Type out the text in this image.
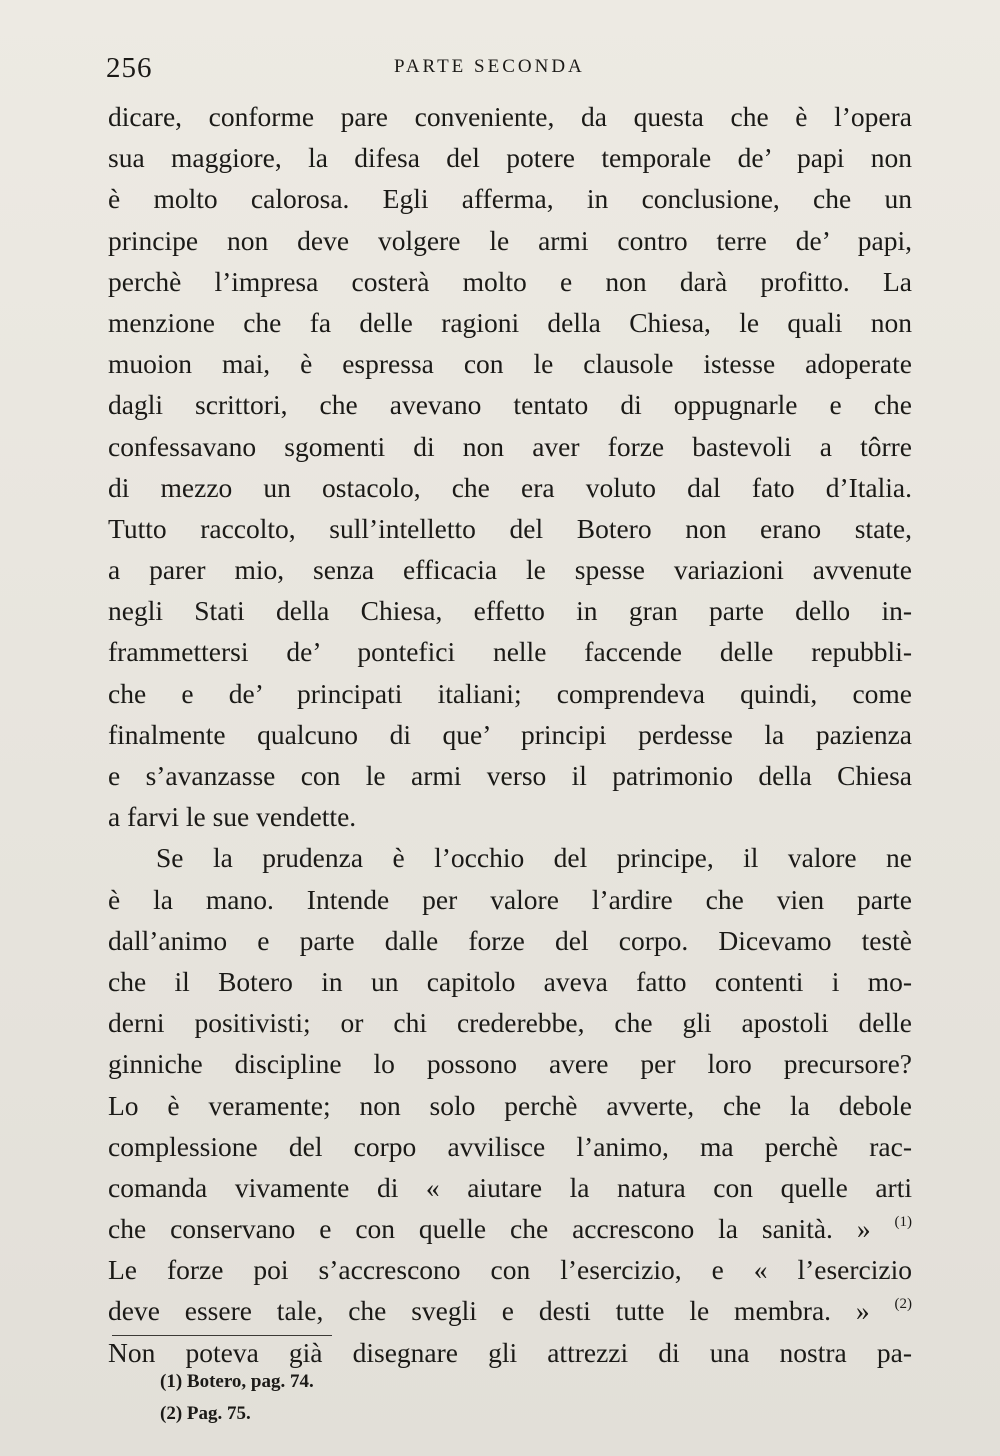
256	PARTE SECONDA
dicare, conforme pare conveniente, da questa che è l’opera
sua maggiore, la difesa del potere temporale de’ papi non
è molto calorosa. Egli afferma, in conclusione, che un
principe non deve volgere le armi contro terre de’ papi,
perchè l’impresa costerà molto e non darà profitto. La
menzione che fa delle ragioni della Chiesa, le quali non
muoion mai, è espressa con le clausole istesse adoperate
dagli scrittori, che avevano tentato di oppugnarle e che
confessavano sgomenti di non aver forze bastevoli a tôrre
di mezzo un ostacolo, che era voluto dal fato d’Italia.
Tutto raccolto, sull’intelletto del Botero non erano state,
a parer mio, senza efficacia le spesse variazioni avvenute
negli Stati della Chiesa, effetto in gran parte dello in-
frammettersi de’ pontefici nelle faccende delle repubbli-
che e de’ principati italiani; comprendeva quindi, come
finalmente qualcuno di que’ principi perdesse la pazienza
e s’avanzasse con le armi verso il patrimonio della Chiesa
a farvi le sue vendette.
Se la prudenza è l’occhio del principe, il valore ne
è la mano. Intende per valore l’ardire che vien parte
dall’animo e parte dalle forze del corpo. Dicevamo testè
che il Botero in un capitolo aveva fatto contenti i mo-
derni positivisti; or chi crederebbe, che gli apostoli delle
ginniche discipline lo possono avere per loro precursore?
Lo è veramente; non solo perchè avverte, che la debole
complessione del corpo avvilisce l’animo, ma perchè rac-
comanda vivamente di « aiutare la natura con quelle arti
che conservano e con quelle che accrescono la sanità. » $^{(1)}$
Le forze poi s’accrescono con l’esercizio, e « l’esercizio
deve essere tale, che svegli e desti tutte le membra. » $^{(2)}$
Non poteva già disegnare gli attrezzi di una nostra pa-
(1) Botero, pag. 74.
(2) Pag. 75.
